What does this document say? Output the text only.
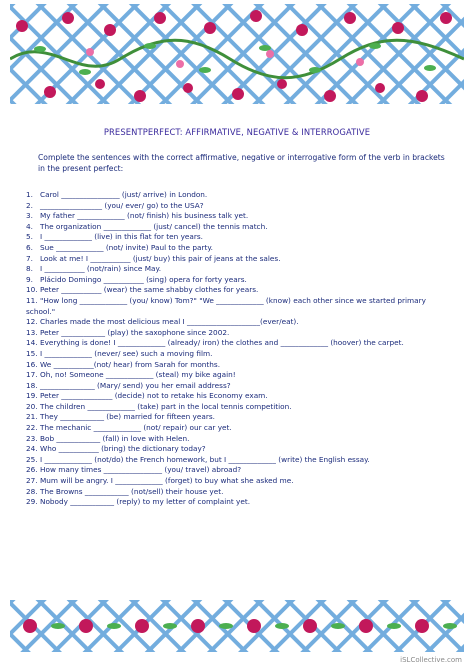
PRESENTPERFECT: AFFIRMATIVE, NEGATIVE & INTERROGATIVE
Complete the sentences with the correct affirmative, negative or interrogative form of the verb in brackets in the present perfect:
1. Carol ________________ (just/ arrive) in London.
2. _________________ (you/ ever/ go) to the USA?
3. My father _____________ (not/ finish) his business talk yet.
4. The organization _____________ (just/ cancel) the tennis match.
5. I _____________ (live) in this flat for ten years.
6. Sue _____________ (not/ invite) Paul to the party.
7. Look at me! I ___________ (just/ buy) this pair of jeans at the sales.
8. I ___________ (not/rain) since May.
9. Plácido Domingo ___________ (sing) opera for forty years.
10. Peter ___________ (wear) the same shabby clothes for years.
11. "How long _____________ (you/ know) Tom?" "We _____________ (know) each other since we started primary school."
12. Charles made the most delicious meal I ____________________(ever/eat).
13. Peter ____________ (play) the saxophone since 2002.
14. Everything is done! I _____________ (already/ iron) the clothes and _____________ (hoover) the carpet.
15. I _____________ (never/ see) such a moving film.
16. We ___________(not/ hear) from Sarah for months.
17. Oh, no! Someone _____________ (steal) my bike again!
18. _______________ (Mary/ send) you her email address?
19. Peter ______________ (decide) not to retake his Economy exam.
20. The children _____________ (take) part in the local tennis competition.
21. They ____________ (be) married for fifteen years.
22. The mechanic _____________ (not/ repair) our car yet.
23. Bob ____________ (fall) in love with Helen.
24. Who ___________ (bring) the dictionary today?
25. I _____________ (not/do) the French homework, but I _____________ (write) the English essay.
26. How many times ________________ (you/ travel) abroad?
27. Mum will be angry. I _____________ (forget) to buy what she asked me.
28. The Browns ____________ (not/sell) their house yet.
29. Nobody ____________ (reply) to my letter of complaint yet.
iSLCollective.com
